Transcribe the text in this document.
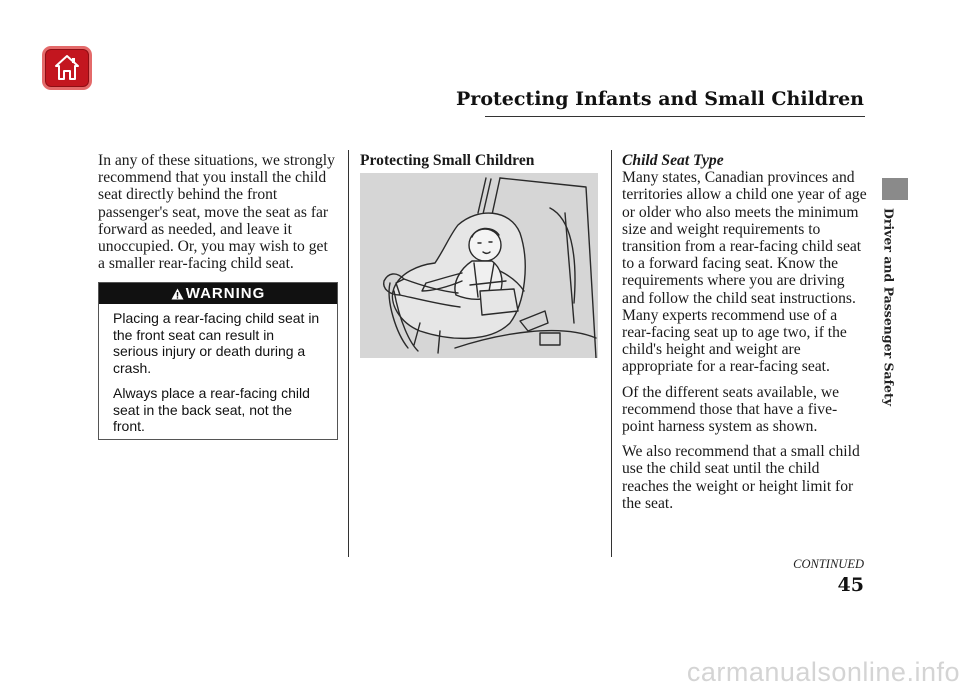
Protecting Infants and Small Children
Driver and Passenger Safety
In any of these situations, we strongly recommend that you install the child seat directly behind the front passenger's seat, move the seat as far forward as needed, and leave it unoccupied. Or, you may wish to get a smaller rear-facing child seat.
WARNING

Placing a rear-facing child seat in the front seat can result in serious injury or death during a crash.

Always place a rear-facing child seat in the back seat, not the front.

Protecting Small Children	Child Seat Type

Many states, Canadian provinces and territories allow a child one year of age or older who also meets the minimum size and weight requirements to transition from a rear-facing child seat to a forward facing seat. Know the requirements where you are driving and follow the child seat instructions. Many experts recommend use of a rear-facing seat up to age two, if the child's height and weight are appropriate for a rear-facing seat.

Of the different seats available, we recommend those that have a five-point harness system as shown.

We also recommend that a small child use the child seat until the child reaches the weight or height limit for the seat.

CONTINUED
45
carmanualsonline.info
